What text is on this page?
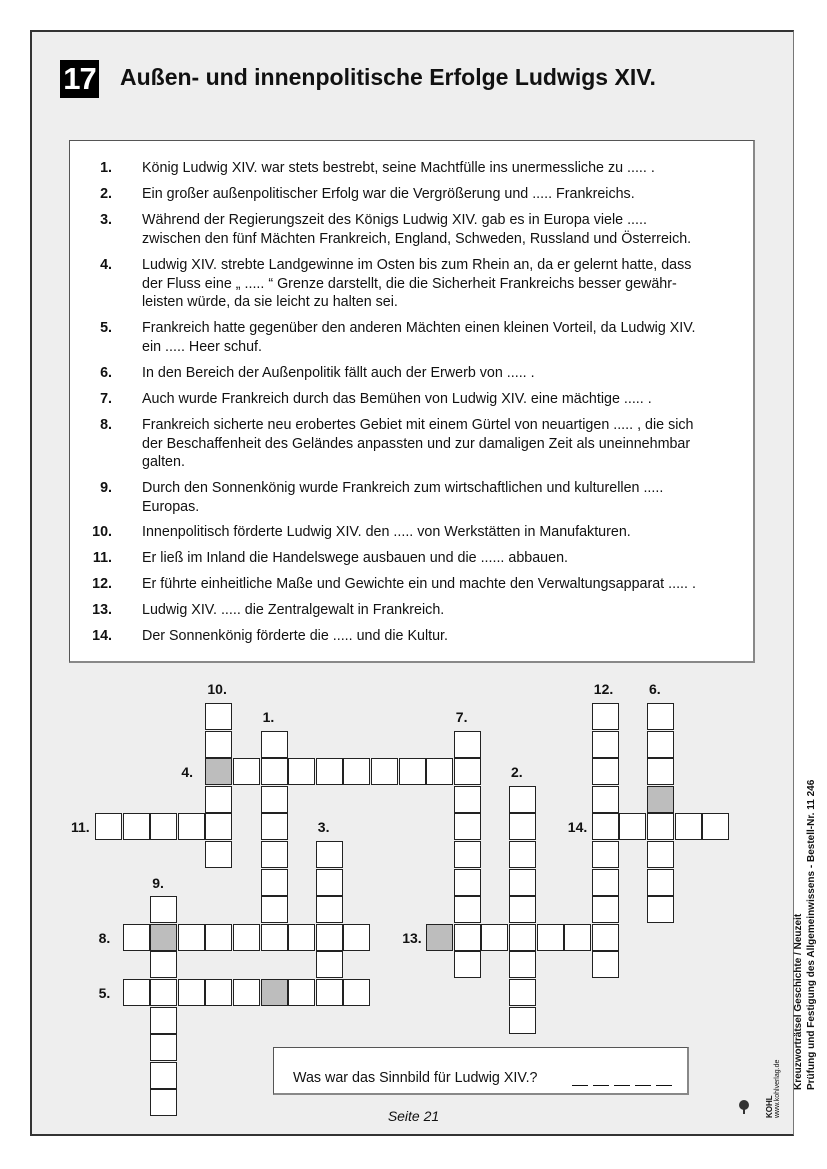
17 Außen- und innenpolitische Erfolge Ludwigs XIV.
1. König Ludwig XIV. war stets bestrebt, seine Machtfülle ins unermessliche zu ..... .
2. Ein großer außenpolitischer Erfolg war die Vergrößerung und ..... Frankreichs.
3. Während der Regierungszeit des Königs Ludwig XIV. gab es in Europa viele .....
zwischen den fünf Mächten Frankreich, England, Schweden, Russland und Österreich.
4. Ludwig XIV. strebte Landgewinne im Osten bis zum Rhein an, da er gelernt hatte, dass
der Fluss eine „ ..... “ Grenze darstellt, die die Sicherheit Frankreichs besser gewähr-
leisten würde, da sie leicht zu halten sei.
5. Frankreich hatte gegenüber den anderen Mächten einen kleinen Vorteil, da Ludwig XIV.
ein ..... Heer schuf.
6. In den Bereich der Außenpolitik fällt auch der Erwerb von ..... .
7. Auch wurde Frankreich durch das Bemühen von Ludwig XIV. eine mächtige ..... .
8. Frankreich sicherte neu erobertes Gebiet mit einem Gürtel von neuartigen ..... , die sich
der Beschaffenheit des Geländes anpassten und zur damaligen Zeit als uneinnehmbar
galten.
9. Durch den Sonnenkönig wurde Frankreich zum wirtschaftlichen und kulturellen .....
Europas.
10. Innenpolitisch förderte Ludwig XIV. den ..... von Werkstätten in Manufakturen.
11. Er ließ im Inland die Handelswege ausbauen und die ...... abbauen.
12. Er führte einheitliche Maße und Gewichte ein und machte den Verwaltungsapparat ..... .
13. Ludwig XIV. ..... die Zentralgewalt in Frankreich.
14. Der Sonnenkönig förderte die ..... und die Kultur.
10.
1.	7.
12.	6.
4.	2.
11.	3.	14.
9.
8.	13.
5.
Was war das Sinnbild für Ludwig XIV.?
Seite 21
Kreuzworträtsel Geschichte / Neuzeit Prüfung und Festigung des Allgemeinwissens - Bestell-Nr. 11 246
KOHL www.kohlverlag.de
